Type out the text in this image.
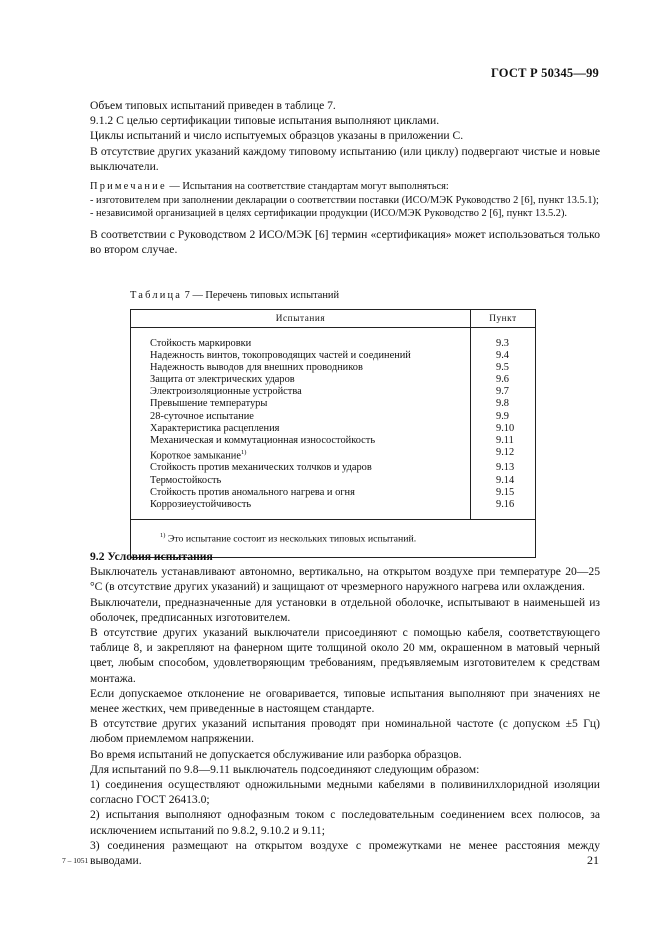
ГОСТ Р 50345—99

Объем типовых испытаний приведен в таблице 7.

9.1.2 С целью сертификации типовые испытания выполняют циклами.

Циклы испытаний и число испытуемых образцов указаны в приложении С.

В отсутствие других указаний каждому типовому испытанию (или циклу) подвергают чистые и новые выключатели.

Примечание — Испытания на соответствие стандартам могут выполняться:

- изготовителем при заполнении декларации о соответствии поставки (ИСО/МЭК Руководство 2 [6], пункт 13.5.1);

- независимой организацией в целях сертификации продукции (ИСО/МЭК Руководство 2 [6], пункт 13.5.2).

В соответствии с Руководством 2 ИСО/МЭК [6] термин «сертификация» может использоваться только во втором случае.

Таблица 7 — Перечень типовых испытаний
Испытания	Пункт
Стойкость маркировки	9.3
Надежность винтов, токопроводящих частей и соединений	9.4
Надежность выводов для внешних проводников	9.5
Защита от электрических ударов	9.6
Электроизоляционные устройства	9.7
Превышение температуры	9.8
28-суточное испытание	9.9
Характеристика расцепления	9.10
Механическая и коммутационная износостойкость	9.11
Короткое замыкание$^{1)}$	9.12
Стойкость против механических толчков и ударов	9.13
Термостойкость	9.14
Стойкость против аномального нагрева и огня	9.15
Коррозиеустойчивость	9.16
$^{1)}$ Это испытание состоит из нескольких типовых испытаний.	

9.2 Условия испытания

Выключатель устанавливают автономно, вертикально, на открытом воздухе при температуре 20—25 °С (в отсутствие других указаний) и защищают от чрезмерного наружного нагрева или охлаждения.

Выключатели, предназначенные для установки в отдельной оболочке, испытывают в наименьшей из оболочек, предписанных изготовителем.

В отсутствие других указаний выключатели присоединяют с помощью кабеля, соответствующего таблице 8, и закрепляют на фанерном щите толщиной около 20 мм, окрашенном в матовый черный цвет, любым способом, удовлетворяющим требованиям, предъявляемым изготовителем к средствам монтажа.

Если допускаемое отклонение не оговаривается, типовые испытания выполняют при значениях не менее жестких, чем приведенные в настоящем стандарте.

В отсутствие других указаний испытания проводят при номинальной частоте (с допуском ±5 Гц) любом приемлемом напряжении.

Во время испытаний не допускается обслуживание или разборка образцов.

Для испытаний по 9.8—9.11 выключатель подсоединяют следующим образом:

1) соединения осуществляют одножильными медными кабелями в поливинилхлоридной изоляции согласно ГОСТ 26413.0;

2) испытания выполняют однофазным током с последовательным соединением всех полюсов, за исключением испытаний по 9.8.2, 9.10.2 и 9.11;

3) соединения размещают на открытом воздухе с промежутками не менее расстояния между выводами.

7 – 1051	21
